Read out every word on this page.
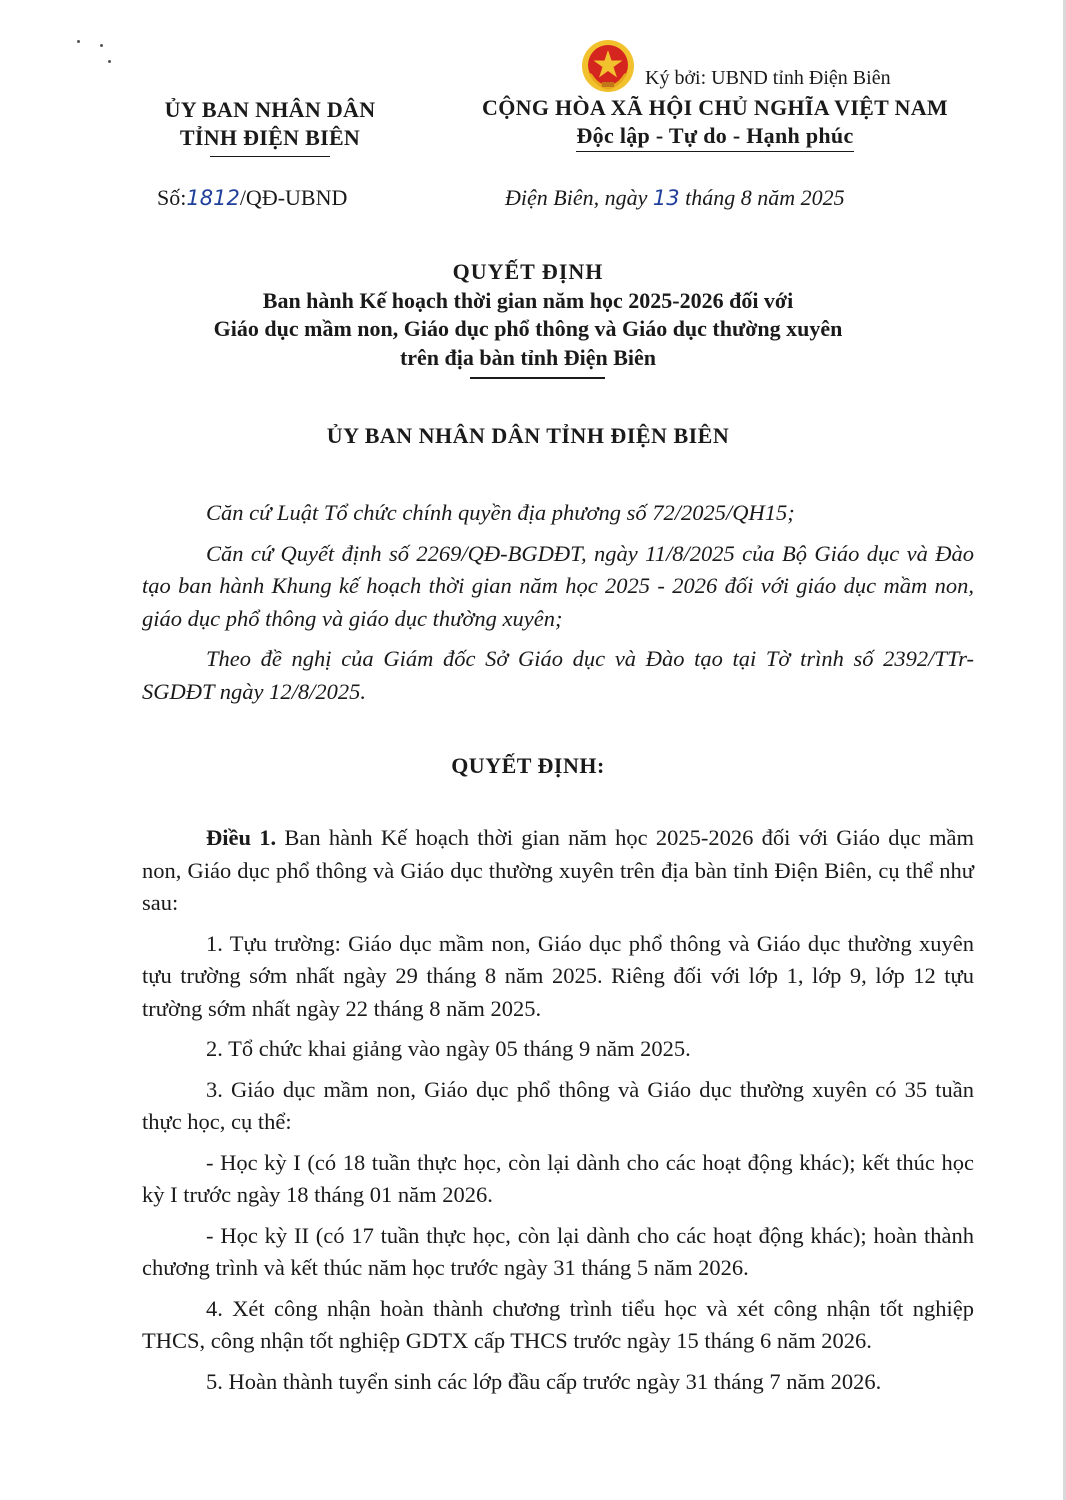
ỦY BAN NHÂN DÂN
TỈNH ĐIỆN BIÊN
Ký bởi: UBND tỉnh Điện Biên
CỘNG HÒA XÃ HỘI CHỦ NGHĨA VIỆT NAM
Độc lập - Tự do - Hạnh phúc
Số:1812/QĐ-UBND	Điện Biên, ngày 13 tháng 8 năm 2025
QUYẾT ĐỊNH
Ban hành Kế hoạch thời gian năm học 2025-2026 đối với
Giáo dục mầm non, Giáo dục phổ thông và Giáo dục thường xuyên
trên địa bàn tỉnh Điện Biên
ỦY BAN NHÂN DÂN TỈNH ĐIỆN BIÊN

Căn cứ Luật Tổ chức chính quyền địa phương số 72/2025/QH15;

Căn cứ Quyết định số 2269/QĐ-BGDĐT, ngày 11/8/2025 của Bộ Giáo dục và Đào tạo ban hành Khung kế hoạch thời gian năm học 2025 - 2026 đối với giáo dục mầm non, giáo dục phổ thông và giáo dục thường xuyên;

Theo đề nghị của Giám đốc Sở Giáo dục và Đào tạo tại Tờ trình số 2392/TTr-SGDĐT ngày 12/8/2025.

QUYẾT ĐỊNH:

Điều 1. Ban hành Kế hoạch thời gian năm học 2025-2026 đối với Giáo dục mầm non, Giáo dục phổ thông và Giáo dục thường xuyên trên địa bàn tỉnh Điện Biên, cụ thể như sau:

1. Tựu trường: Giáo dục mầm non, Giáo dục phổ thông và Giáo dục thường xuyên tựu trường sớm nhất ngày 29 tháng 8 năm 2025. Riêng đối với lớp 1, lớp 9, lớp 12 tựu trường sớm nhất ngày 22 tháng 8 năm 2025.

2. Tổ chức khai giảng vào ngày 05 tháng 9 năm 2025.

3. Giáo dục mầm non, Giáo dục phổ thông và Giáo dục thường xuyên có 35 tuần thực học, cụ thể:

- Học kỳ I (có 18 tuần thực học, còn lại dành cho các hoạt động khác); kết thúc học kỳ I trước ngày 18 tháng 01 năm 2026.

- Học kỳ II (có 17 tuần thực học, còn lại dành cho các hoạt động khác); hoàn thành chương trình và kết thúc năm học trước ngày 31 tháng 5 năm 2026.

4. Xét công nhận hoàn thành chương trình tiểu học và xét công nhận tốt nghiệp THCS, công nhận tốt nghiệp GDTX cấp THCS trước ngày 15 tháng 6 năm 2026.

5. Hoàn thành tuyển sinh các lớp đầu cấp trước ngày 31 tháng 7 năm 2026.
